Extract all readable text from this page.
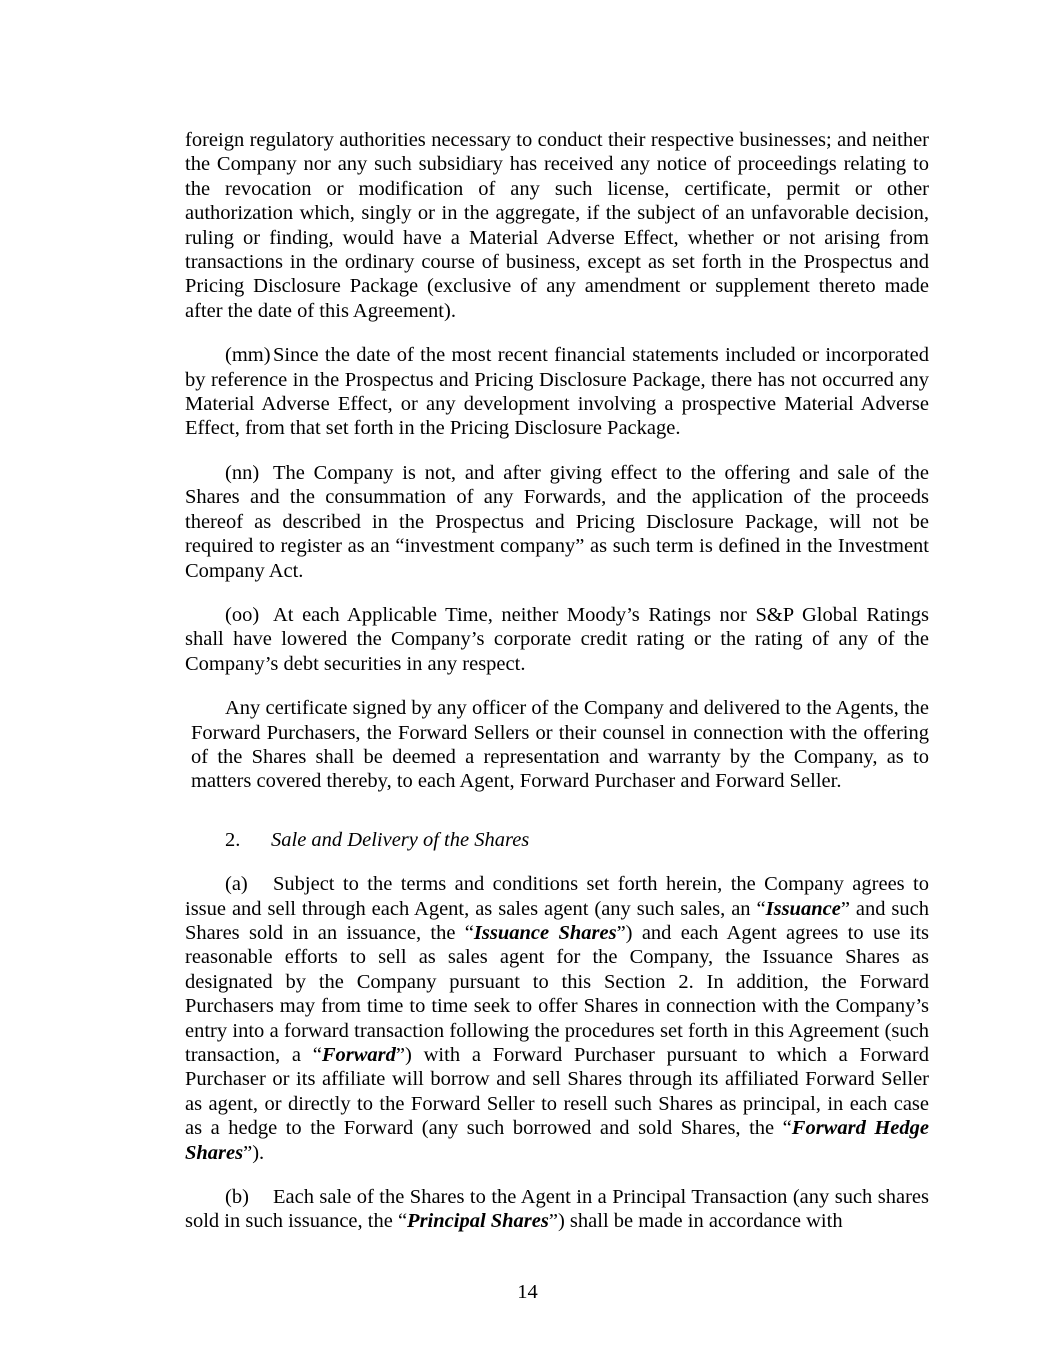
foreign regulatory authorities necessary to conduct their respective businesses; and neither the Company nor any such subsidiary has received any notice of proceedings relating to the revocation or modification of any such license, certificate, permit or other authorization which, singly or in the aggregate, if the subject of an unfavorable decision, ruling or finding, would have a Material Adverse Effect, whether or not arising from transactions in the ordinary course of business, except as set forth in the Prospectus and Pricing Disclosure Package (exclusive of any amendment or supplement thereto made after the date of this Agreement).

(mm) Since the date of the most recent financial statements included or incorporated by reference in the Prospectus and Pricing Disclosure Package, there has not occurred any Material Adverse Effect, or any development involving a prospective Material Adverse Effect, from that set forth in the Pricing Disclosure Package.

(nn) The Company is not, and after giving effect to the offering and sale of the Shares and the consummation of any Forwards, and the application of the proceeds thereof as described in the Prospectus and Pricing Disclosure Package, will not be required to register as an “investment company” as such term is defined in the Investment Company Act.

(oo) At each Applicable Time, neither Moody’s Ratings nor S&P Global Ratings shall have lowered the Company’s corporate credit rating or the rating of any of the Company’s debt securities in any respect.

Any certificate signed by any officer of the Company and delivered to the Agents, the Forward Purchasers, the Forward Sellers or their counsel in connection with the offering of the Shares shall be deemed a representation and warranty by the Company, as to matters covered thereby, to each Agent, Forward Purchaser and Forward Seller.

2. Sale and Delivery of the Shares

(a) Subject to the terms and conditions set forth herein, the Company agrees to issue and sell through each Agent, as sales agent (any such sales, an “Issuance” and such Shares sold in an issuance, the “Issuance Shares”) and each Agent agrees to use its reasonable efforts to sell as sales agent for the Company, the Issuance Shares as designated by the Company pursuant to this Section 2. In addition, the Forward Purchasers may from time to time seek to offer Shares in connection with the Company’s entry into a forward transaction following the procedures set forth in this Agreement (such transaction, a “Forward”) with a Forward Purchaser pursuant to which a Forward Purchaser or its affiliate will borrow and sell Shares through its affiliated Forward Seller as agent, or directly to the Forward Seller to resell such Shares as principal, in each case as a hedge to the Forward (any such borrowed and sold Shares, the “Forward Hedge Shares”).

(b) Each sale of the Shares to the Agent in a Principal Transaction (any such shares sold in such issuance, the “Principal Shares”) shall be made in accordance with

14
